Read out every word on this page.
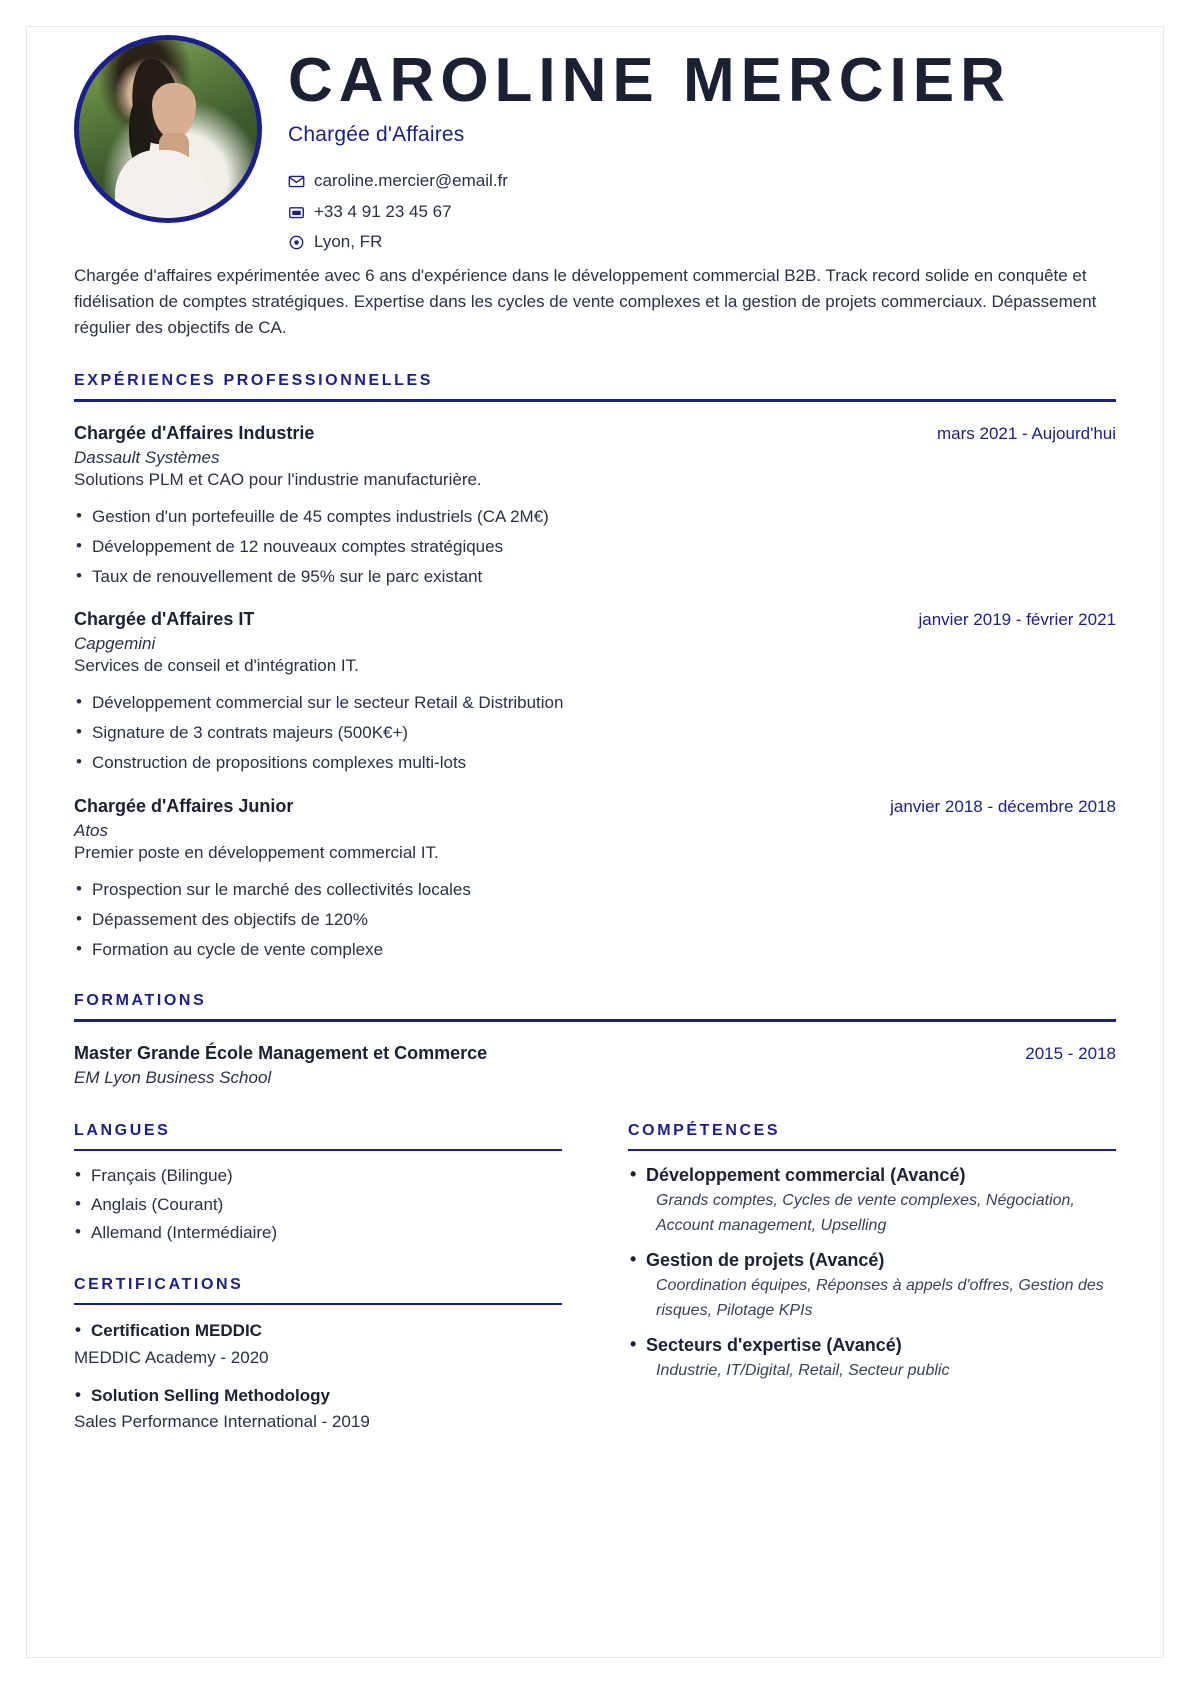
CAROLINE MERCIER
Chargée d'Affaires
caroline.mercier@email.fr
+33 4 91 23 45 67
Lyon, FR
Chargée d'affaires expérimentée avec 6 ans d'expérience dans le développement commercial B2B. Track record solide en conquête et fidélisation de comptes stratégiques. Expertise dans les cycles de vente complexes et la gestion de projets commerciaux. Dépassement régulier des objectifs de CA.
EXPÉRIENCES PROFESSIONNELLES
Chargée d'Affaires Industrie	mars 2021 - Aujourd'hui
Dassault Systèmes
Solutions PLM et CAO pour l'industrie manufacturière.
• Gestion d'un portefeuille de 45 comptes industriels (CA 2M€)
• Développement de 12 nouveaux comptes stratégiques
• Taux de renouvellement de 95% sur le parc existant
Chargée d'Affaires IT	janvier 2019 - février 2021
Capgemini
Services de conseil et d'intégration IT.
• Développement commercial sur le secteur Retail & Distribution
• Signature de 3 contrats majeurs (500K€+)
• Construction de propositions complexes multi-lots
Chargée d'Affaires Junior	janvier 2018 - décembre 2018
Atos
Premier poste en développement commercial IT.
• Prospection sur le marché des collectivités locales
• Dépassement des objectifs de 120%
• Formation au cycle de vente complexe
FORMATIONS
Master Grande École Management et Commerce	2015 - 2018
EM Lyon Business School
LANGUES
• Français (Bilingue)
• Anglais (Courant)
• Allemand (Intermédiaire)
CERTIFICATIONS
• Certification MEDDIC
MEDDIC Academy - 2020
• Solution Selling Methodology
Sales Performance International - 2019
COMPÉTENCES
• Développement commercial (Avancé)
Grands comptes, Cycles de vente complexes, Négociation, Account management, Upselling
• Gestion de projets (Avancé)
Coordination équipes, Réponses à appels d'offres, Gestion des risques, Pilotage KPIs
• Secteurs d'expertise (Avancé)
Industrie, IT/Digital, Retail, Secteur public
